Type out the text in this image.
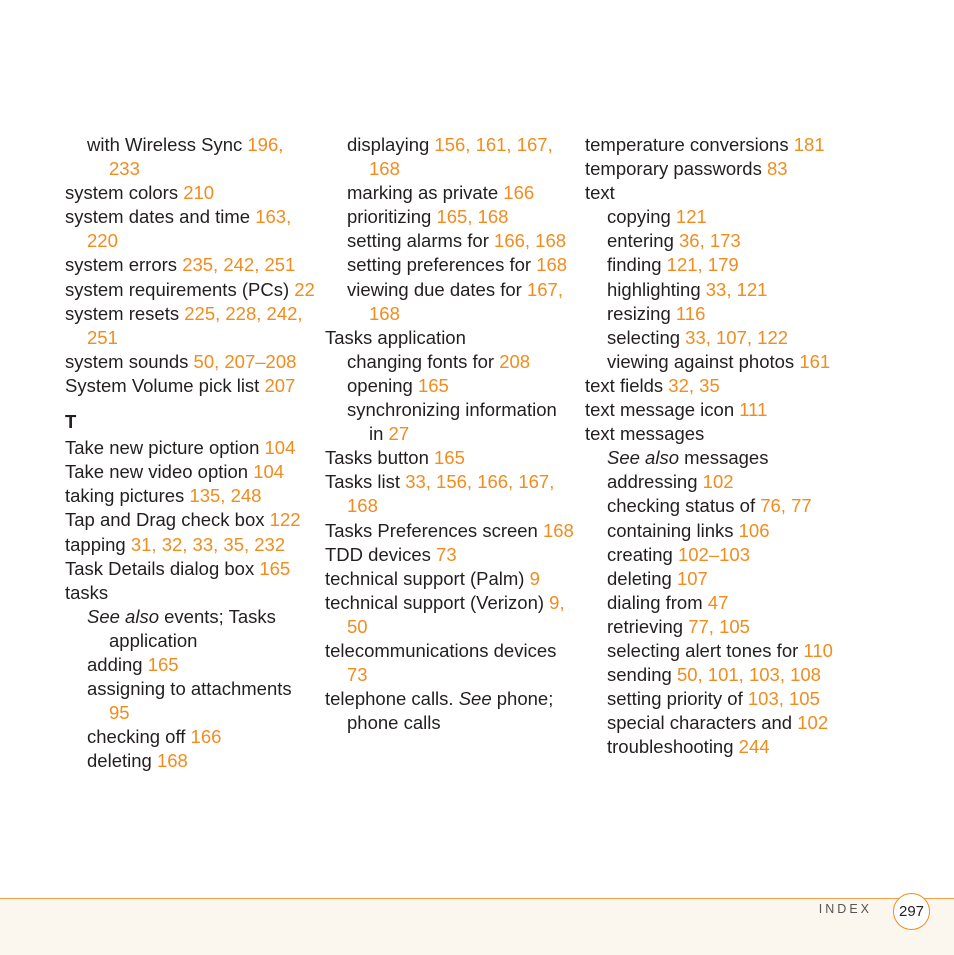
with Wireless Sync 196, 233
system colors 210
system dates and time 163, 220
system errors 235, 242, 251
system requirements (PCs) 22
system resets 225, 228, 242, 251
system sounds 50, 207–208
System Volume pick list 207
T
Take new picture option 104
Take new video option 104
taking pictures 135, 248
Tap and Drag check box 122
tapping 31, 32, 33, 35, 232
Task Details dialog box 165
tasks
See also events; Tasks application
adding 165
assigning to attachments 95
checking off 166
deleting 168
displaying 156, 161, 167, 168
marking as private 166
prioritizing 165, 168
setting alarms for 166, 168
setting preferences for 168
viewing due dates for 167, 168
Tasks application
changing fonts for 208
opening 165
synchronizing information in 27
Tasks button 165
Tasks list 33, 156, 166, 167, 168
Tasks Preferences screen 168
TDD devices 73
technical support (Palm) 9
technical support (Verizon) 9, 50
telecommunications devices 73
telephone calls. See phone; phone calls
temperature conversions 181
temporary passwords 83
text
copying 121
entering 36, 173
finding 121, 179
highlighting 33, 121
resizing 116
selecting 33, 107, 122
viewing against photos 161
text fields 32, 35
text message icon 111
text messages
See also messages
addressing 102
checking status of 76, 77
containing links 106
creating 102–103
deleting 107
dialing from 47
retrieving 77, 105
selecting alert tones for 110
sending 50, 101, 103, 108
setting priority of 103, 105
special characters and 102
troubleshooting 244
INDEX	297
